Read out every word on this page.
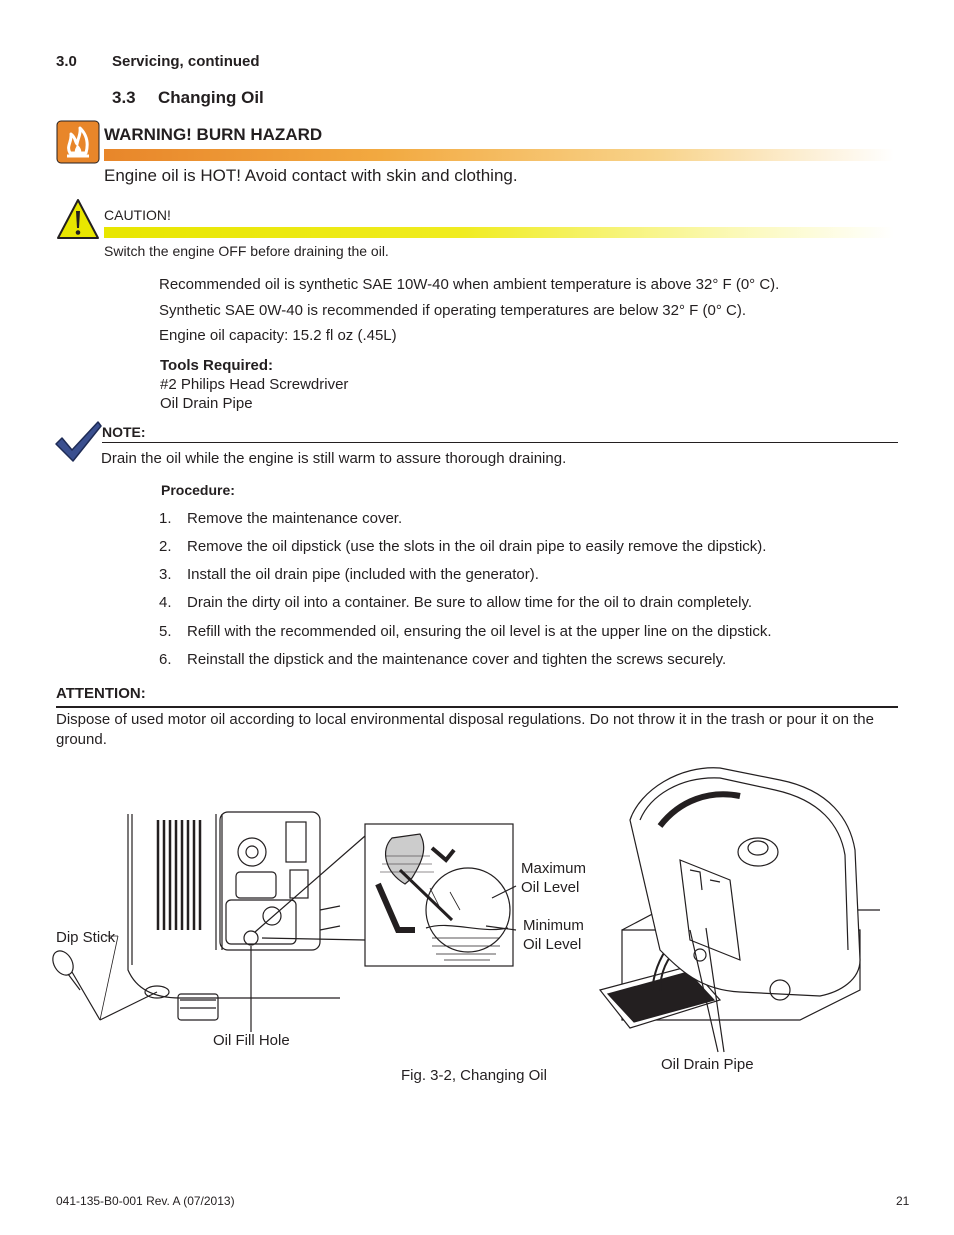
3.0 Servicing, continued
3.3 Changing Oil
WARNING! BURN HAZARD
Engine oil is HOT! Avoid contact with skin and clothing.
CAUTION!
Switch the engine OFF before draining the oil.
Recommended oil is synthetic SAE 10W-40 when ambient temperature is above 32° F (0° C).
Synthetic SAE 0W-40 is recommended if operating temperatures are below 32° F (0° C).
Engine oil capacity: 15.2 fl oz (.45L)
Tools Required:
#2 Philips Head Screwdriver
Oil Drain Pipe
NOTE:
Drain the oil while the engine is still warm to assure thorough draining.
Procedure:
1. Remove the maintenance cover.
2. Remove the oil dipstick (use the slots in the oil drain pipe to easily remove the dipstick).
3. Install the oil drain pipe (included with the generator).
4. Drain the dirty oil into a container. Be sure to allow time for the oil to drain completely.
5. Refill with the recommended oil, ensuring the oil level is at the upper line on the dipstick.
6. Reinstall the dipstick and the maintenance cover and tighten the screws securely.
ATTENTION:
Dispose of used motor oil according to local environmental disposal regulations. Do not throw it in the trash or pour it on the ground.
Dip Stick
Oil Fill Hole
Maximum
Oil Level
Minimum
Oil Level
Oil Drain Pipe
Fig. 3-2, Changing Oil
041-135-B0-001 Rev. A (07/2013)	21
